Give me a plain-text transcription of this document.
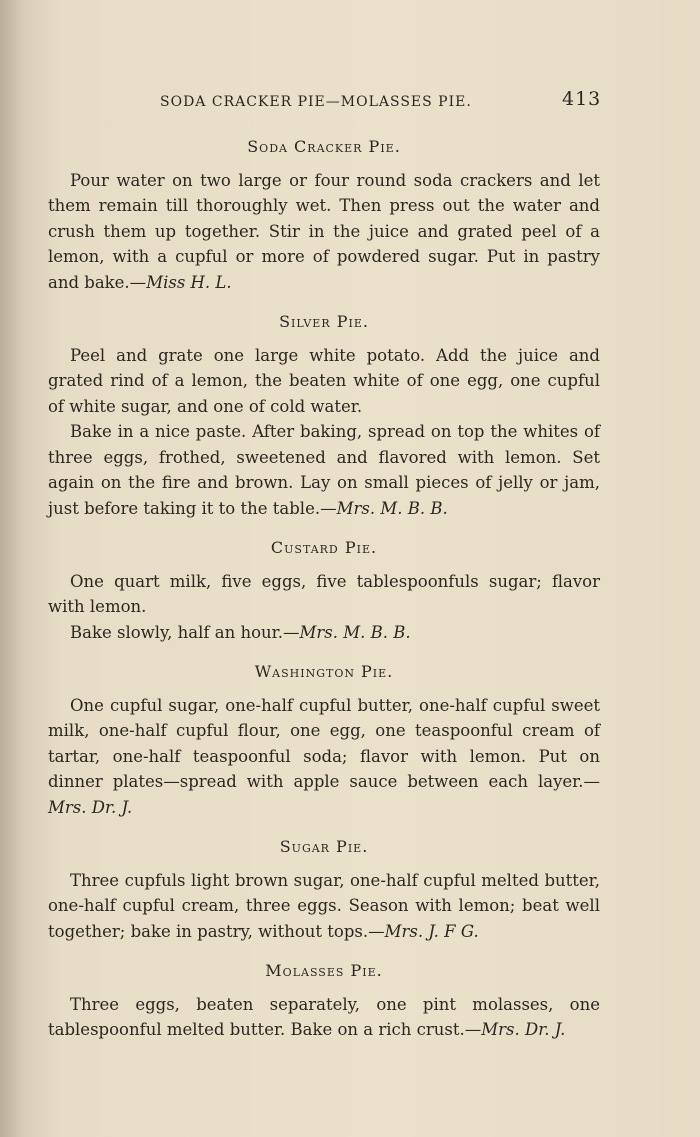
SODA CRACKER PIE—MOLASSES PIE.	413
Soda Cracker Pie.

Pour water on two large or four round soda crackers and let them remain till thoroughly wet. Then press out the water and crush them up together. Stir in the juice and grated peel of a lemon, with a cupful or more of powdered sugar. Put in pastry and bake.—Miss H. L.

Silver Pie.

Peel and grate one large white potato. Add the juice and grated rind of a lemon, the beaten white of one egg, one cupful of white sugar, and one of cold water.

Bake in a nice paste. After baking, spread on top the whites of three eggs, frothed, sweetened and flavored with lemon. Set again on the fire and brown. Lay on small pieces of jelly or jam, just before taking it to the table.—Mrs. M. B. B.

Custard Pie.

One quart milk, five eggs, five tablespoonfuls sugar; flavor with lemon.

Bake slowly, half an hour.—Mrs. M. B. B.

Washington Pie.

One cupful sugar, one-half cupful butter, one-half cupful sweet milk, one-half cupful flour, one egg, one teaspoonful cream of tartar, one-half teaspoonful soda; flavor with lemon. Put on dinner plates—spread with apple sauce between each layer.—Mrs. Dr. J.

Sugar Pie.

Three cupfuls light brown sugar, one-half cupful melted butter, one-half cupful cream, three eggs. Season with lemon; beat well together; bake in pastry, without tops.—Mrs. J. F G.

Molasses Pie.

Three eggs, beaten separately, one pint molasses, one tablespoonful melted butter. Bake on a rich crust.—Mrs. Dr. J.
